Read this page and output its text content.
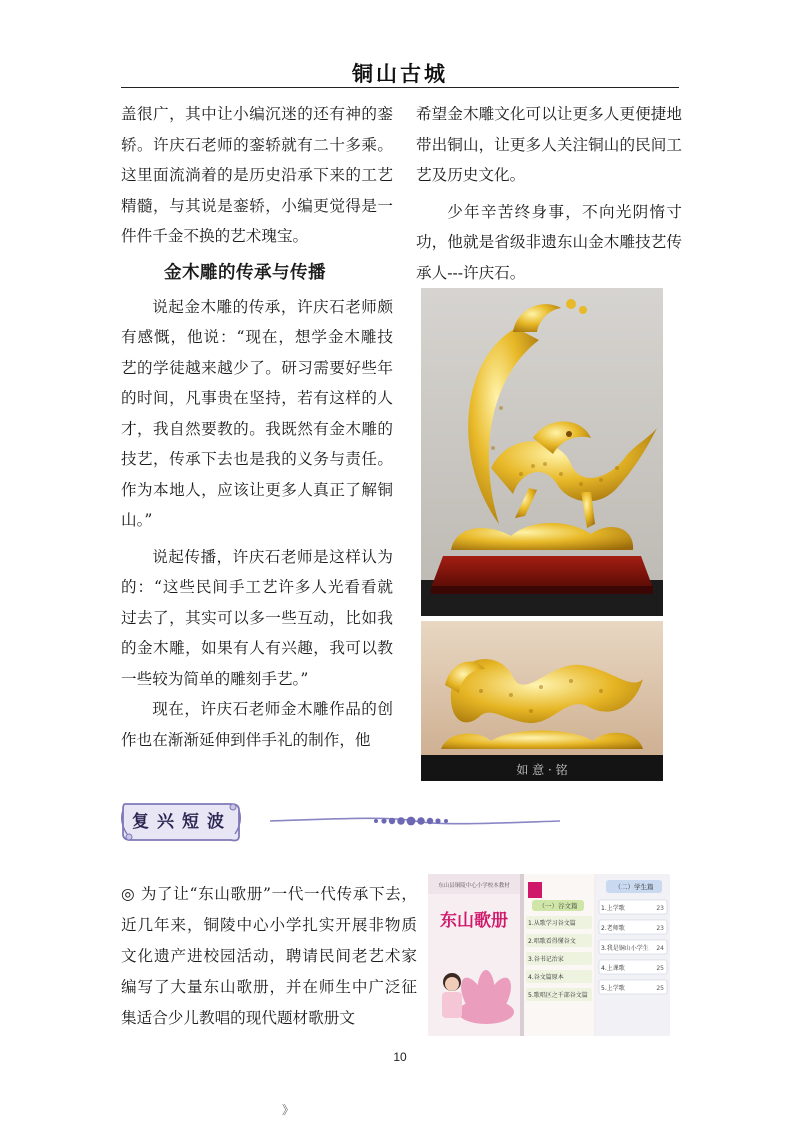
铜山古城

盖很广，其中让小编沉迷的还有神的銮轿。许庆石老师的銮轿就有二十多乘。这里面流淌着的是历史沿承下来的工艺精髓，与其说是銮轿，小编更觉得是一件件千金不换的艺术瑰宝。

金木雕的传承与传播

说起金木雕的传承，许庆石老师颇有感慨，他说：“现在，想学金木雕技艺的学徒越来越少了。研习需要好些年的时间，凡事贵在坚持，若有这样的人才，我自然要教的。我既然有金木雕的技艺，传承下去也是我的义务与责任。作为本地人，应该让更多人真正了解铜山。”

说起传播，许庆石老师是这样认为的：“这些民间手工艺许多人光看看就过去了，其实可以多一些互动，比如我的金木雕，如果有人有兴趣，我可以教一些较为简单的雕刻手艺。”

现在，许庆石老师金木雕作品的创作也在渐渐延伸到伴手礼的制作，他

希望金木雕文化可以让更多人更便捷地带出铜山，让更多人关注铜山的民间工艺及历史文化。

少年辛苦终身事，不向光阴惰寸功，他就是省级非遗东山金木雕技艺传承人---许庆石。

如 意 · 铭
复兴短波

◎ 为了让“东山歌册”一代一代传承下去，近几年来，铜陵中心小学扎实开展非物质文化遗产进校园活动，聘请民间老艺术家编写了大量东山歌册，并在师生中广泛征集适合少儿教唱的现代题材歌册文

东山县铜陵中心小学校本教材
东山歌册
（一）谷文篇
1.从歌学习谷文篇
2.唱歌看得懂谷文
3.谷书记治家
4.谷文篇原本
5.歌唱区之千部谷文篇
（二）学生篇
1.上学歌	23
2.老师歌	23
3.我是铜山小学生 24
4.上课歌	25
5.上学歌	25
10
》
